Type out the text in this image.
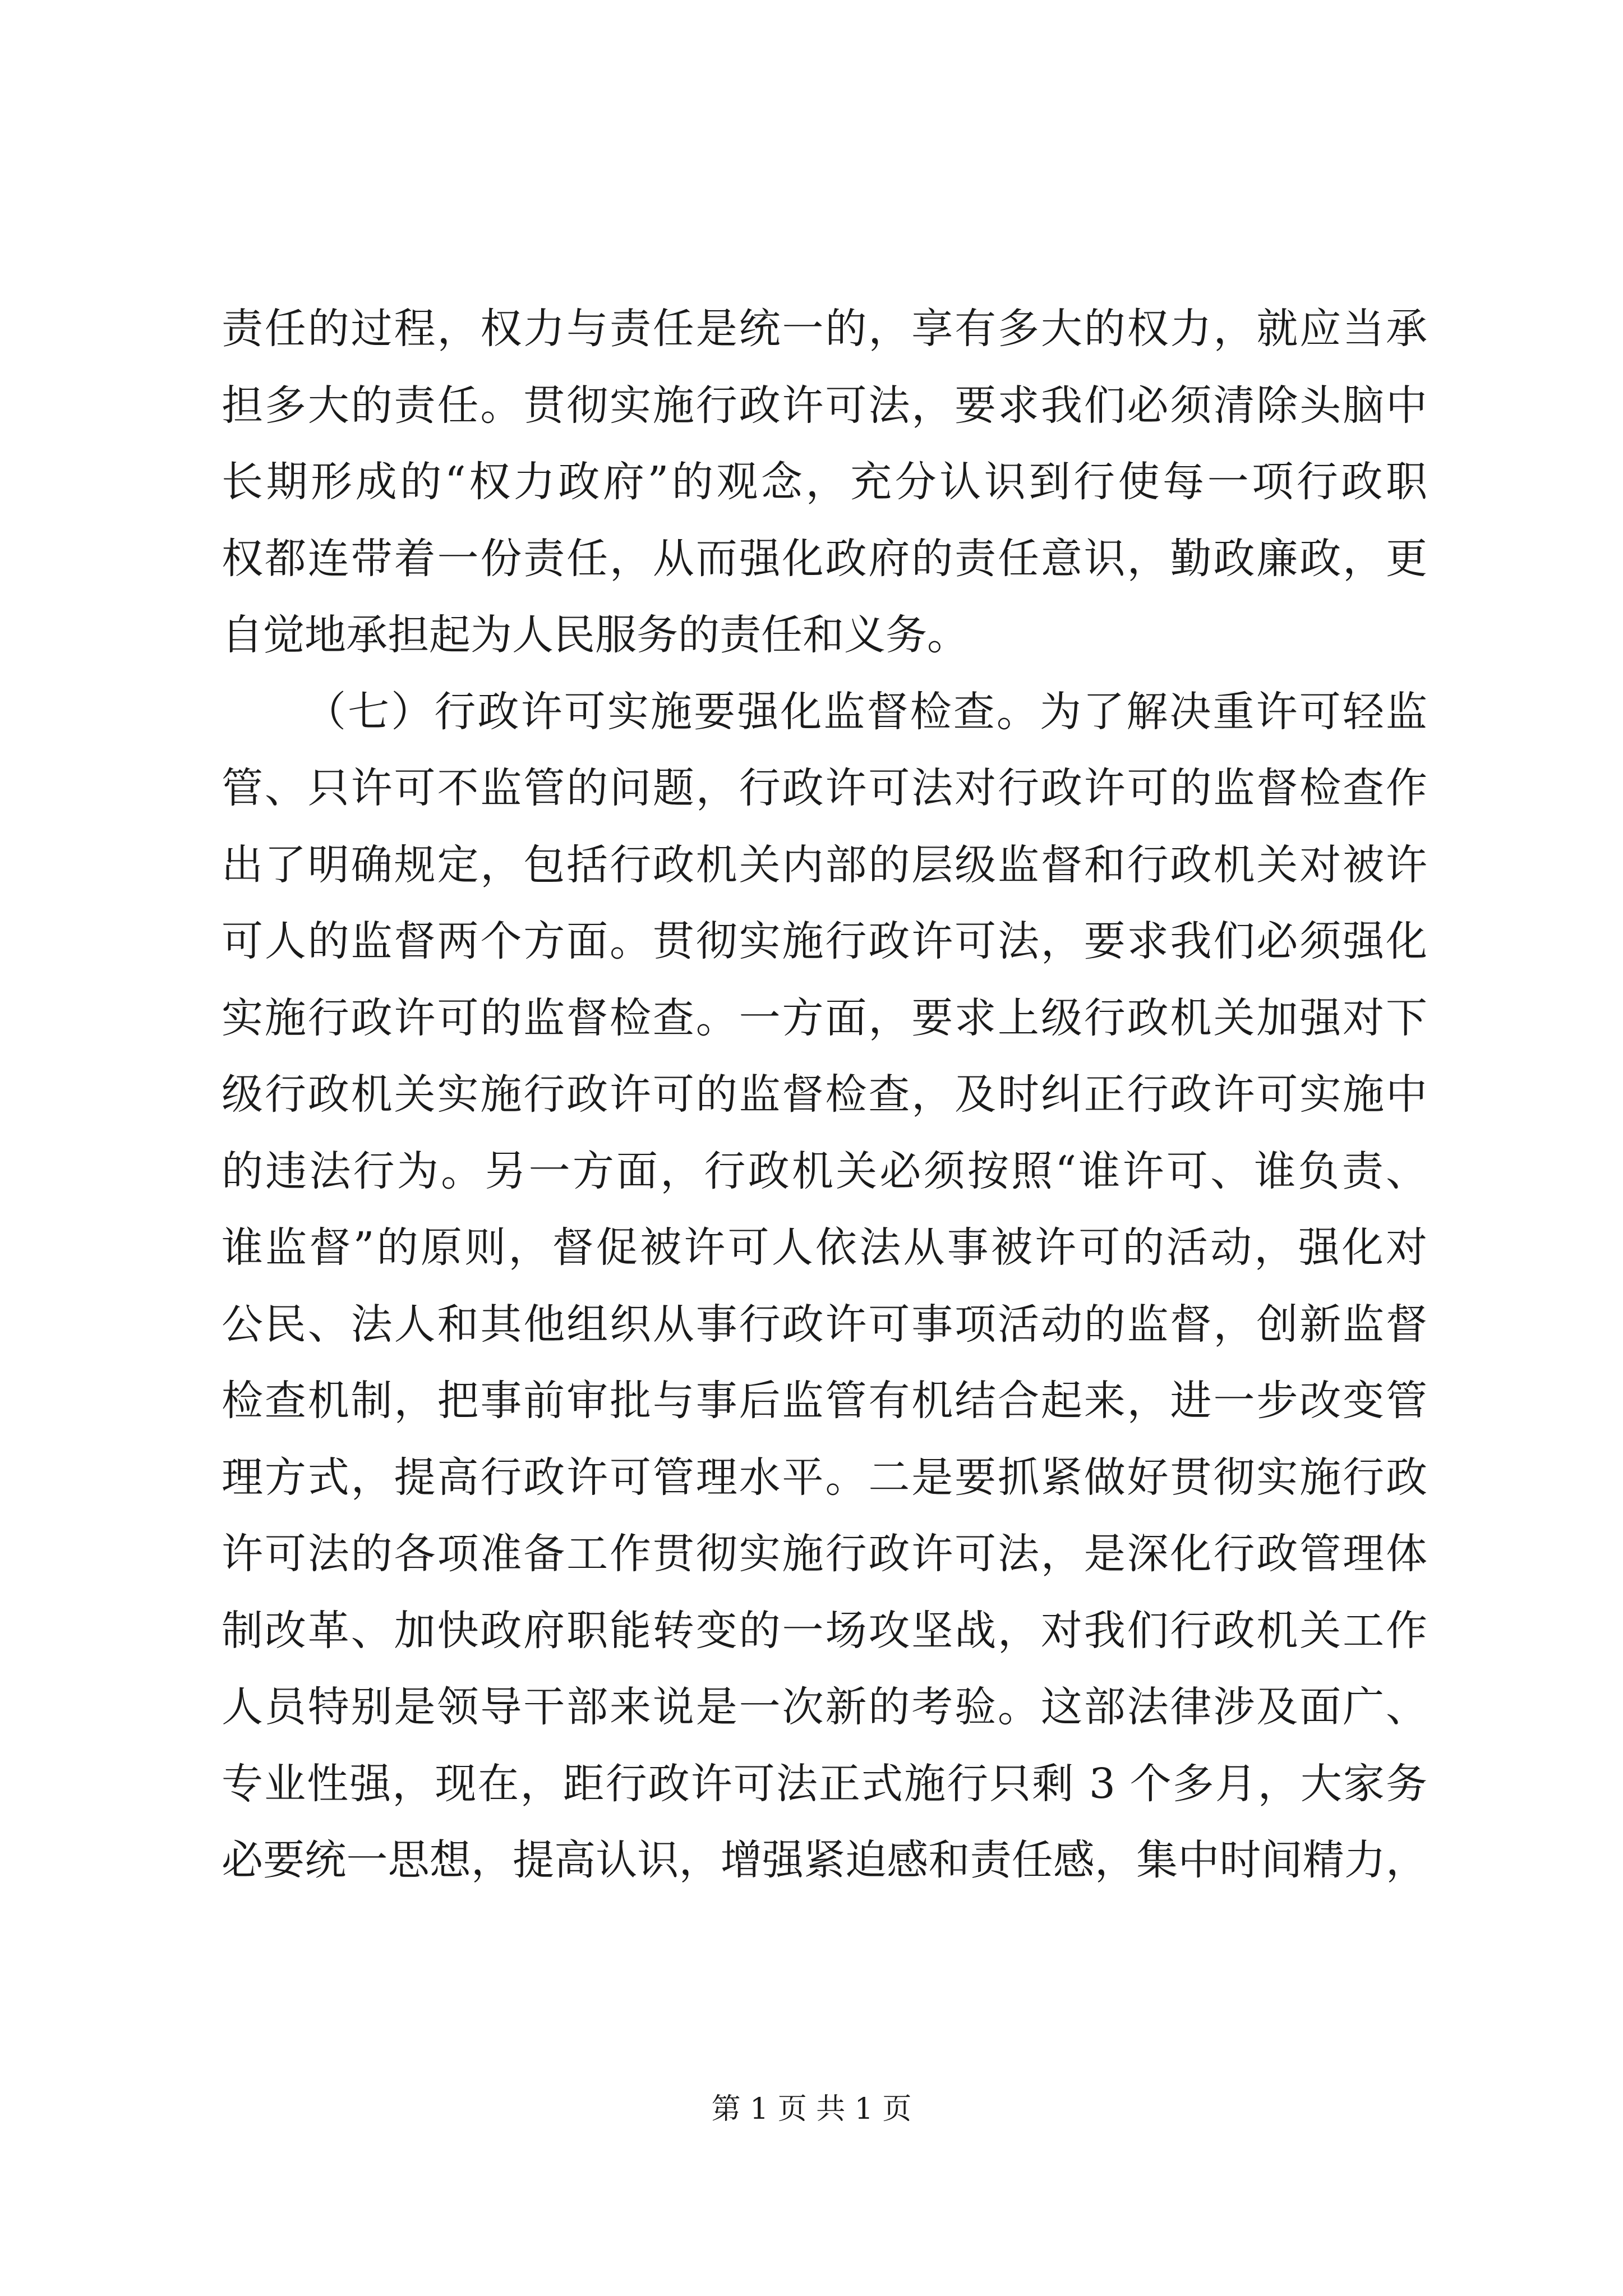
责任的过程，权力与责任是统一的，享有多大的权力，就应当承
担多大的责任。贯彻实施行政许可法，要求我们必须清除头脑中
长期形成的“权力政府”的观念，充分认识到行使每一项行政职
权都连带着一份责任，从而强化政府的责任意识，勤政廉政，更
自觉地承担起为人民服务的责任和义务。
（七）行政许可实施要强化监督检查。为了解决重许可轻监
管、只许可不监管的问题，行政许可法对行政许可的监督检查作
出了明确规定，包括行政机关内部的层级监督和行政机关对被许
可人的监督两个方面。贯彻实施行政许可法，要求我们必须强化
实施行政许可的监督检查。一方面，要求上级行政机关加强对下
级行政机关实施行政许可的监督检查，及时纠正行政许可实施中
的违法行为。另一方面，行政机关必须按照“谁许可、谁负责、
谁监督”的原则，督促被许可人依法从事被许可的活动，强化对
公民、法人和其他组织从事行政许可事项活动的监督，创新监督
检查机制，把事前审批与事后监管有机结合起来，进一步改变管
理方式，提高行政许可管理水平。二是要抓紧做好贯彻实施行政
许可法的各项准备工作贯彻实施行政许可法，是深化行政管理体
制改革、加快政府职能转变的一场攻坚战，对我们行政机关工作
人员特别是领导干部来说是一次新的考验。这部法律涉及面广、
专业性强，现在，距行政许可法正式施行只剩 3 个多月，大家务
必要统一思想，提高认识，增强紧迫感和责任感，集中时间精力，
第 1 页 共 1 页
